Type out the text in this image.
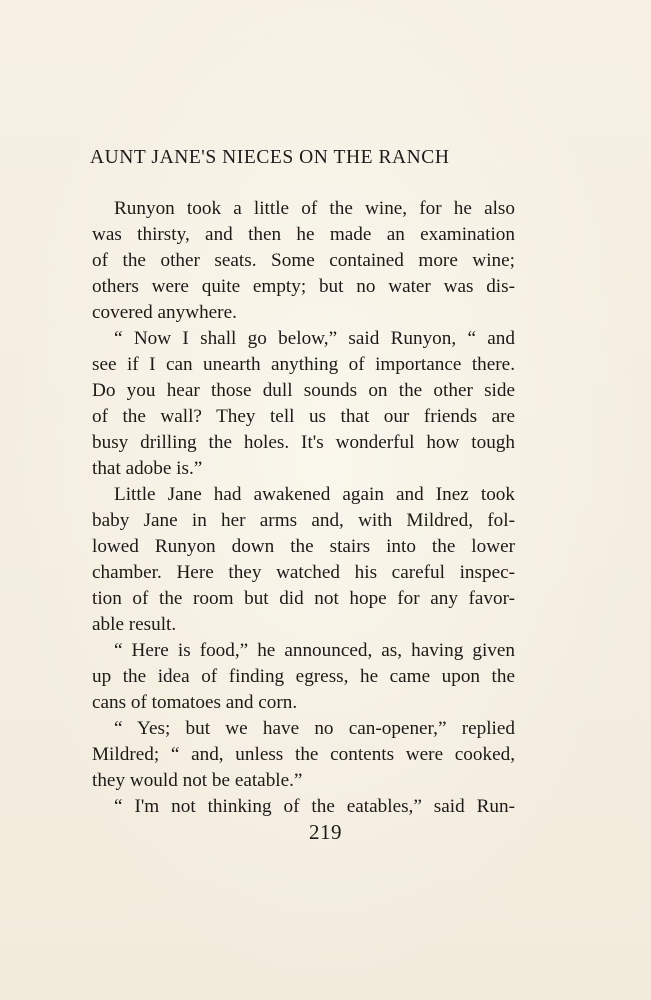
AUNT JANE'S NIECES ON THE RANCH
Runyon took a little of the wine, for he also
was thirsty, and then he made an examination
of the other seats. Some contained more wine;
others were quite empty; but no water was dis-
covered anywhere.
“ Now I shall go below,” said Runyon, “ and
see if I can unearth anything of importance there.
Do you hear those dull sounds on the other side
of the wall? They tell us that our friends are
busy drilling the holes. It's wonderful how tough
that adobe is.”
Little Jane had awakened again and Inez took
baby Jane in her arms and, with Mildred, fol-
lowed Runyon down the stairs into the lower
chamber. Here they watched his careful inspec-
tion of the room but did not hope for any favor-
able result.
“ Here is food,” he announced, as, having given
up the idea of finding egress, he came upon the
cans of tomatoes and corn.
“ Yes; but we have no can-opener,” replied
Mildred; “ and, unless the contents were cooked,
they would not be eatable.”
“ I'm not thinking of the eatables,” said Run-
219
